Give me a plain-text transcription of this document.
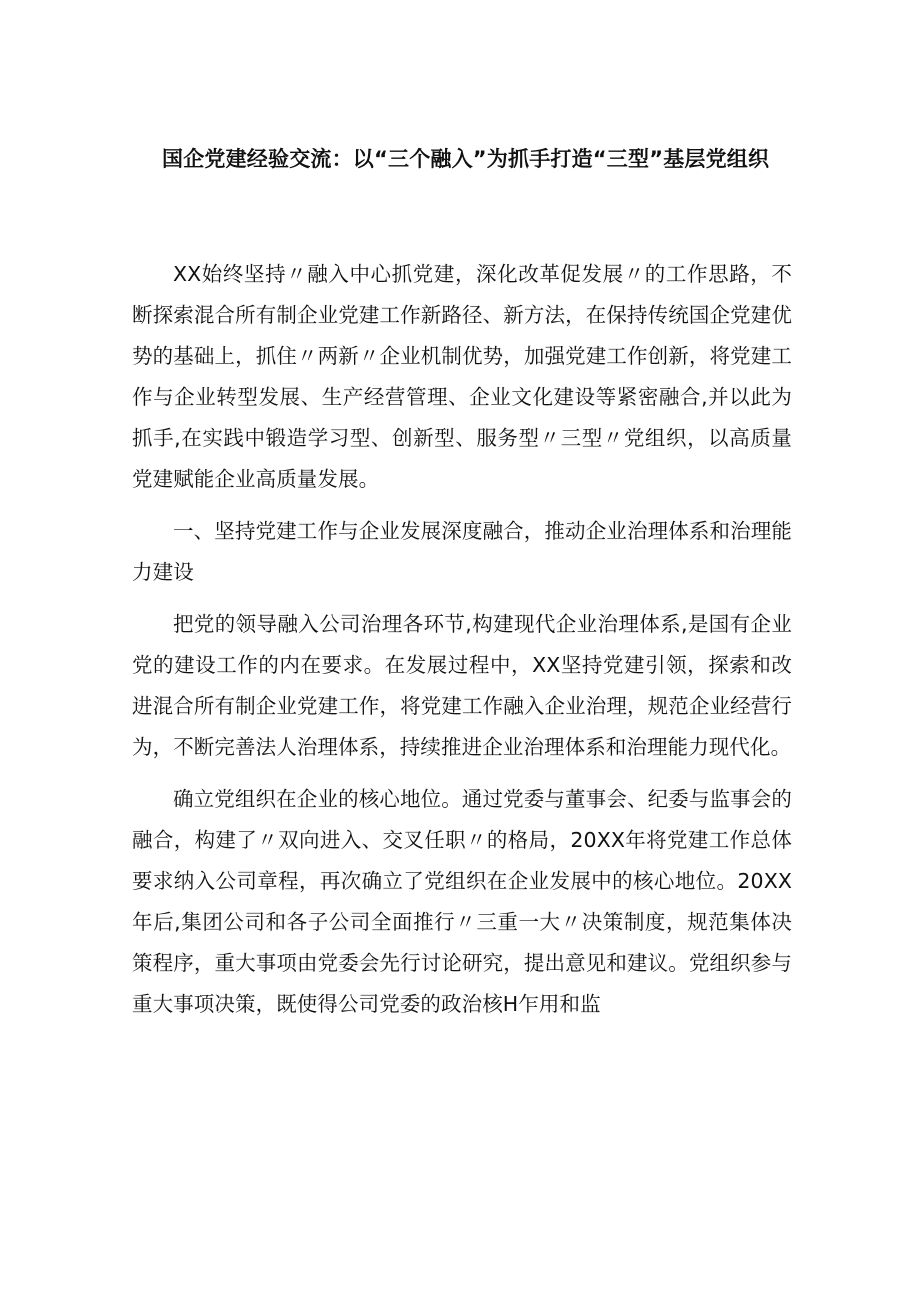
国企党建经验交流：以“三个融入”为抓手打造“三型”基层党组织

XX始终坚持〃融入中心抓党建，深化改革促发展〃的工作思路，不断探索混合所有制企业党建工作新路径、新方法，在保持传统国企党建优势的基础上，抓住〃两新〃企业机制优势，加强党建工作创新，将党建工作与企业转型发展、生产经营管理、企业文化建设等紧密融合,并以此为抓手,在实践中锻造学习型、创新型、服务型〃三型〃党组织，以高质量党建赋能企业高质量发展。

一、坚持党建工作与企业发展深度融合，推动企业治理体系和治理能力建设

把党的领导融入公司治理各环节,构建现代企业治理体系,是国有企业党的建设工作的内在要求。在发展过程中，XX坚持党建引领，探索和改进混合所有制企业党建工作，将党建工作融入企业治理，规范企业经营行为，不断完善法人治理体系，持续推进企业治理体系和治理能力现代化。

确立党组织在企业的核心地位。通过党委与董事会、纪委与监事会的融合，构建了〃双向进入、交叉任职〃的格局，20XX年将党建工作总体要求纳入公司章程，再次确立了党组织在企业发展中的核心地位。20XX年后,集团公司和各子公司全面推行〃三重一大〃决策制度，规范集体决策程序，重大事项由党委会先行讨论研究，提出意见和建议。党组织参与重大事项决策，既使得公司党委的政治核H乍用和监
